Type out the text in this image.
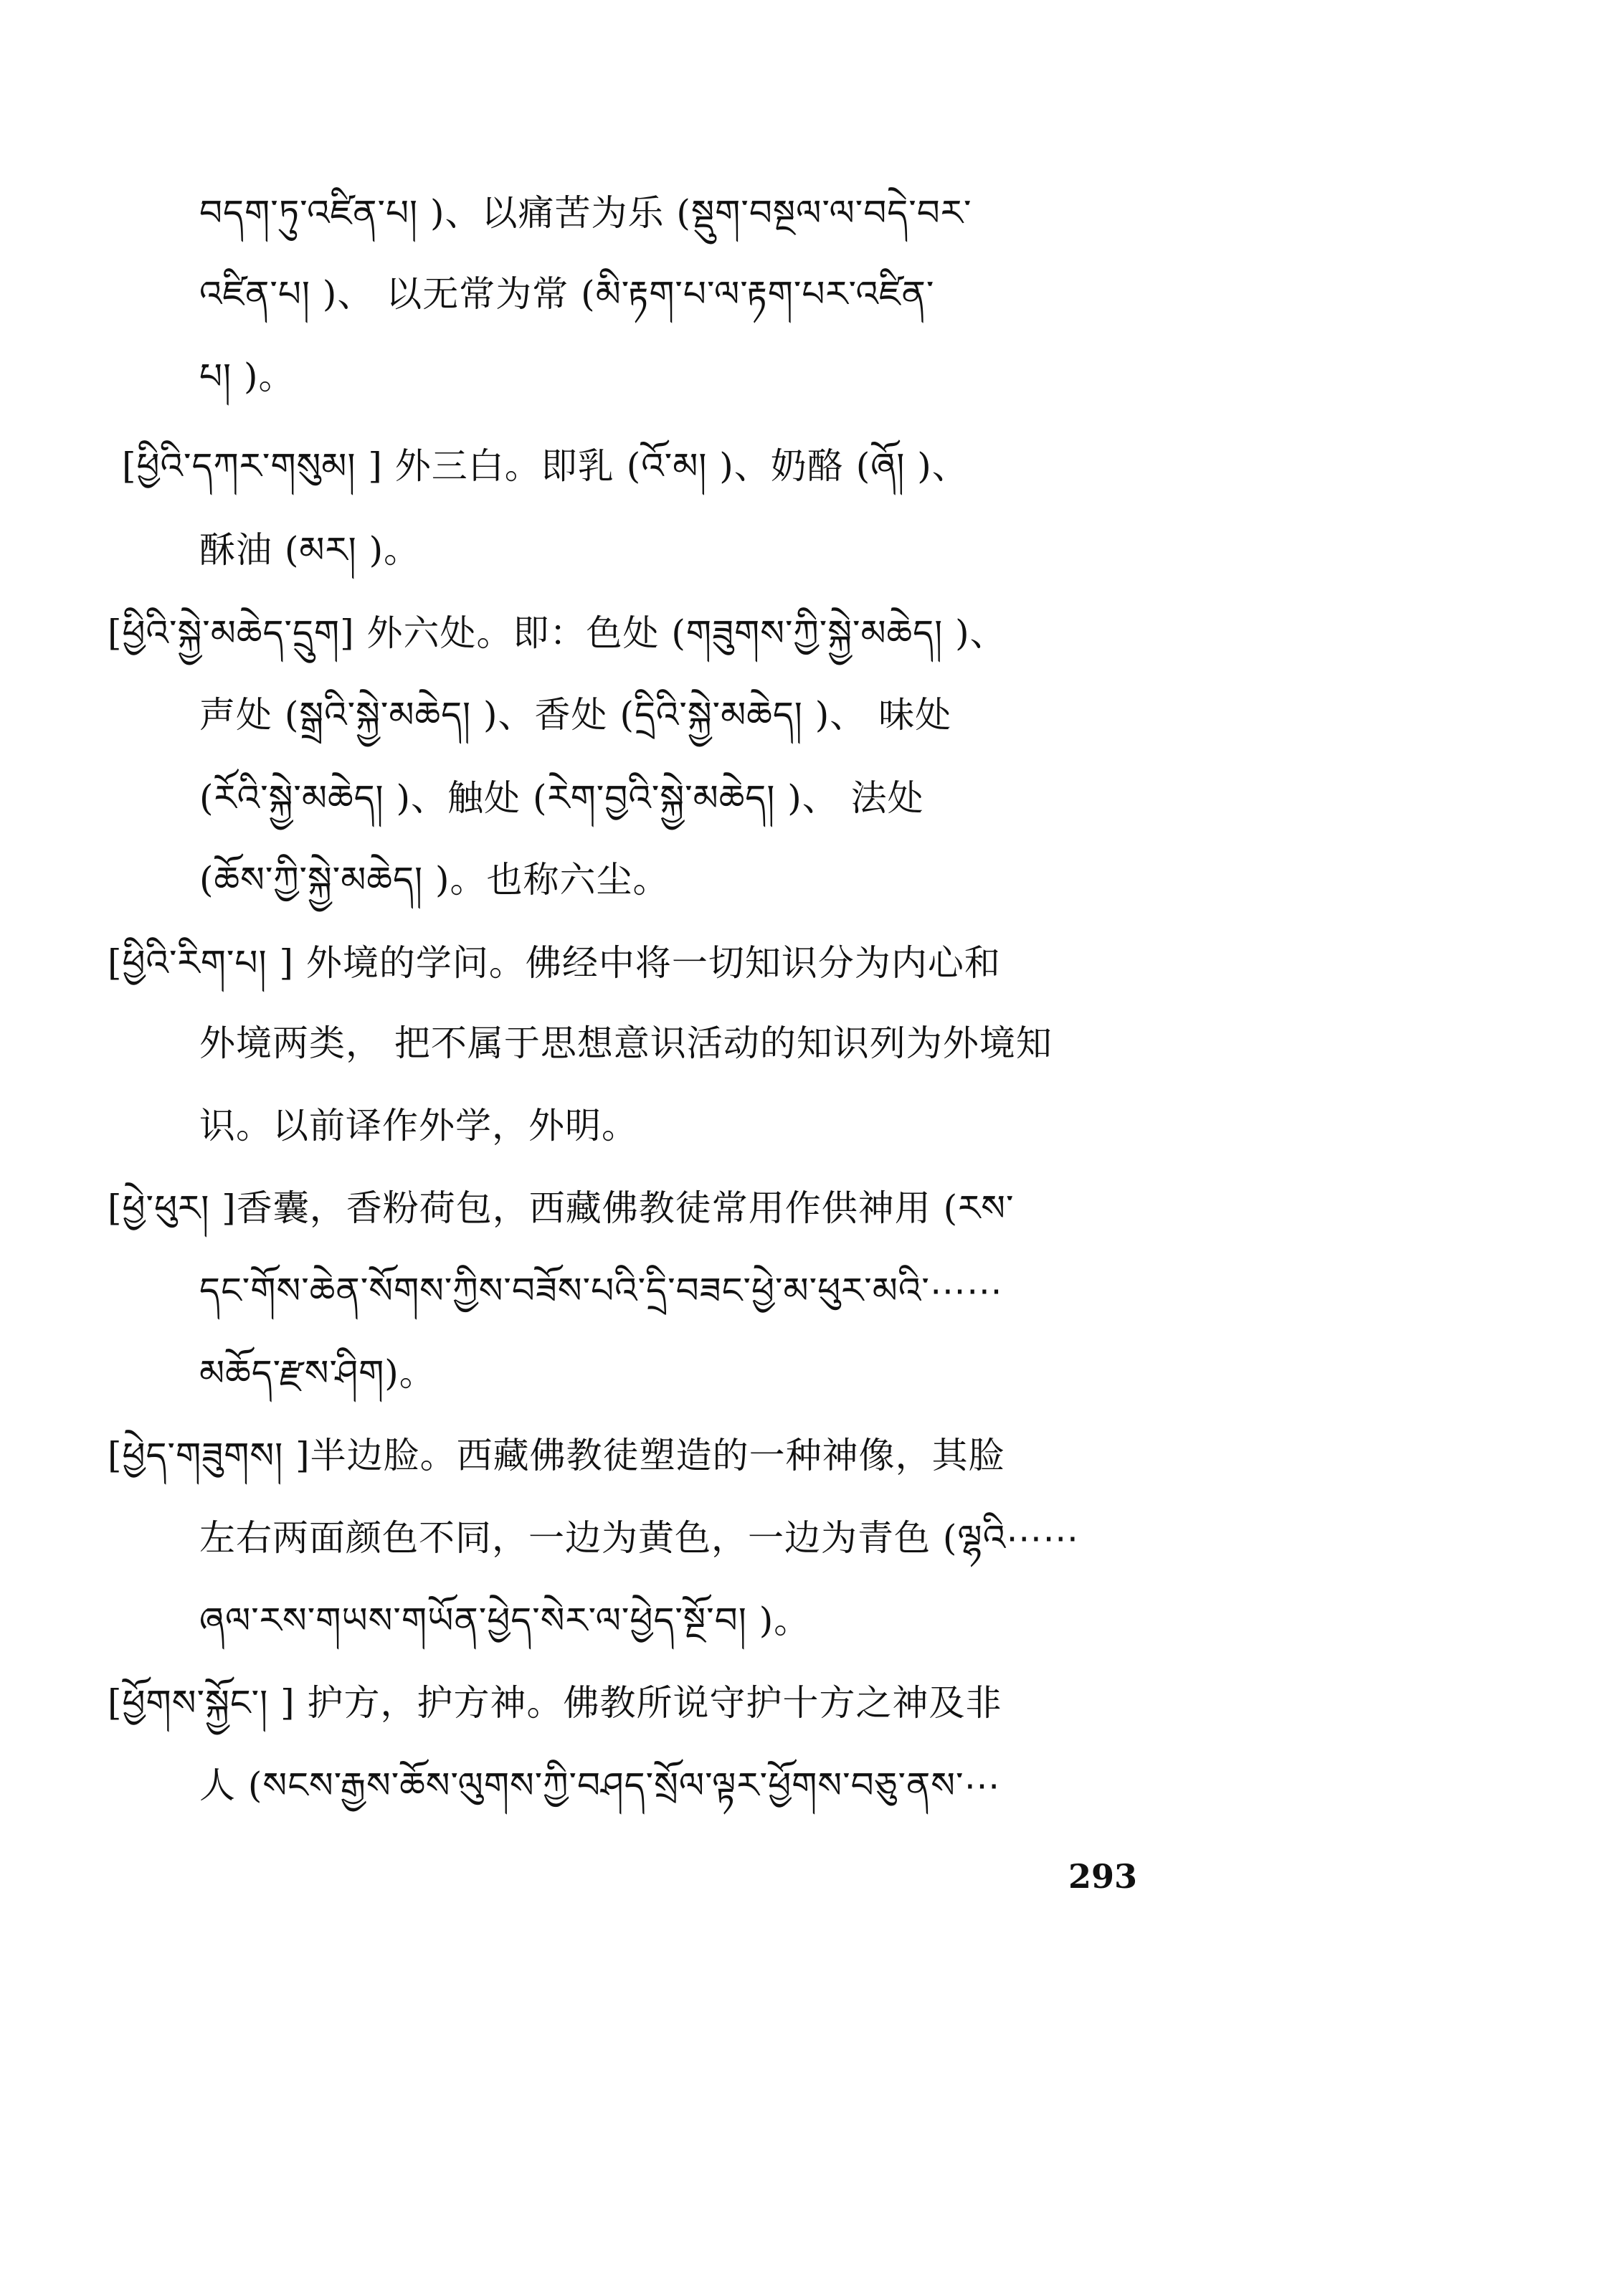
བདག་ཏུ་འཛིན་པ། )、以痛苦为乐 (སྡུག་བསྔལ་ལ་བདེ་བར་
འཛིན་པ། )、 以无常为常 (མི་རྟག་པ་ལ་རྟག་པར་འཛིན་
པ། )。
[ཕྱིའི་དཀར་གསུམ། ] 外三白。即乳 (འོ་མ། )、奶酪 (ཞོ། )、
酥油 (མར། )。
[ཕྱིའི་སྐྱེ་མཆེད་དྲུག] 外六处。即：色处 (གཟུགས་ཀྱི་སྐྱེ་མཆེད། )、
声处 (སྒྲའི་སྐྱེ་མཆེད། )、香处 (དྲིའི་སྐྱེ་མཆེད། )、 味处
(རོའི་སྐྱེ་མཆེད། )、触处 (རེག་བྱའི་སྐྱེ་མཆེད། )、 法处
(ཆོས་ཀྱི་སྐྱེ་མཆེད། )。也称六尘。
[ཕྱིའི་རིག་པ། ] 外境的学问。佛经中将一切知识分为内心和
外境两类， 把不属于思想意识活动的知识列为外境知
识。以前译作外学，外明。
[ཕྱེ་ཕུར། ]香囊，香粉荷包，西藏佛教徒常用作供神用 (རས་
དང་གོས་ཆེན་སོགས་ཀྱིས་བཟོས་པའི་དྲི་བཟང་ཕྱེ་མ་ཕུར་མའི་⋯⋯
མཆོད་རྫས་ཤིག)。
[ཕྱེད་གཟུགས། ]半边脸。西藏佛教徒塑造的一种神像，其脸
左右两面颜色不同，一边为黄色，一边为青色 (ལྷའི⋯⋯
ཞལ་རས་གཡས་གཡོན་ཕྱེད་སེར་ལ་ཕྱེད་སྔོ་བ། )。
[ཕྱོགས་སྐྱོང་། ] 护方，护方神。佛教所说守护十方之神及非
人 (སངས་རྒྱས་ཆོས་ལུགས་ཀྱི་བཤད་སྲོལ་ལྟར་ཕྱོགས་བཅུ་ནས་⋯
293
